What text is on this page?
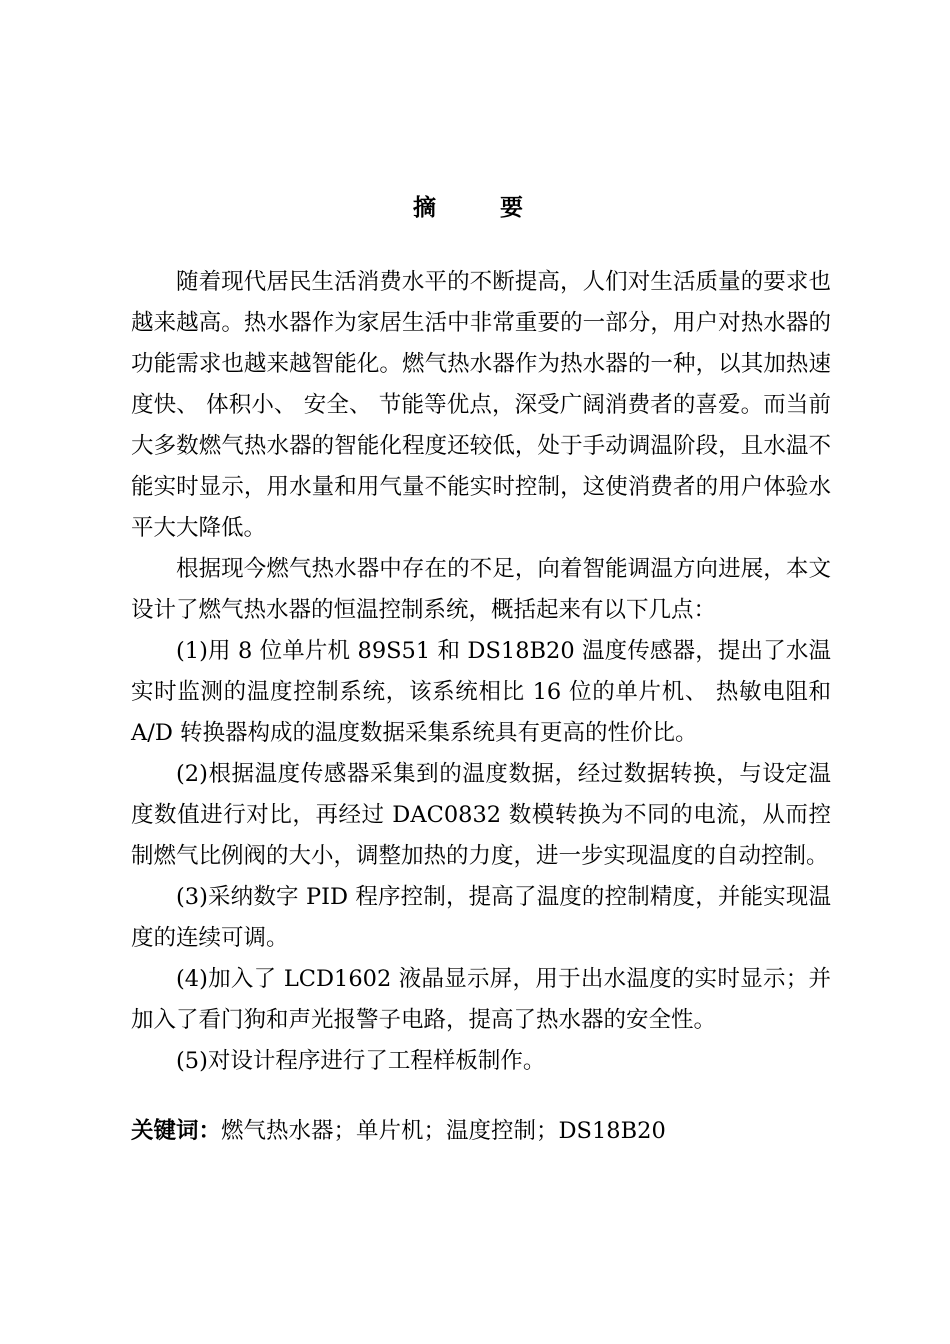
摘 要

随着现代居民生活消费水平的不断提高，人们对生活质量的要求也越来越高。热水器作为家居生活中非常重要的一部分，用户对热水器的功能需求也越来越智能化。燃气热水器作为热水器的一种，以其加热速度快、 体积小、 安全、 节能等优点，深受广阔消费者的喜爱。而当前大多数燃气热水器的智能化程度还较低，处于手动调温阶段，且水温不能实时显示，用水量和用气量不能实时控制，这使消费者的用户体验水平大大降低。

根据现今燃气热水器中存在的不足，向着智能调温方向进展，本文设计了燃气热水器的恒温控制系统，概括起来有以下几点：

(1)用 8 位单片机 89S51 和 DS18B20 温度传感器，提出了水温实时监测的温度控制系统，该系统相比 16 位的单片机、 热敏电阻和 A/D 转换器构成的温度数据采集系统具有更高的性价比。

(2)根据温度传感器采集到的温度数据，经过数据转换，与设定温度数值进行对比，再经过 DAC0832 数模转换为不同的电流，从而控制燃气比例阀的大小，调整加热的力度，进一步实现温度的自动控制。

(3)采纳数字 PID 程序控制，提高了温度的控制精度，并能实现温度的连续可调。

(4)加入了 LCD1602 液晶显示屏，用于出水温度的实时显示；并加入了看门狗和声光报警子电路，提高了热水器的安全性。

(5)对设计程序进行了工程样板制作。

关键词：燃气热水器；单片机；温度控制；DS18B20
